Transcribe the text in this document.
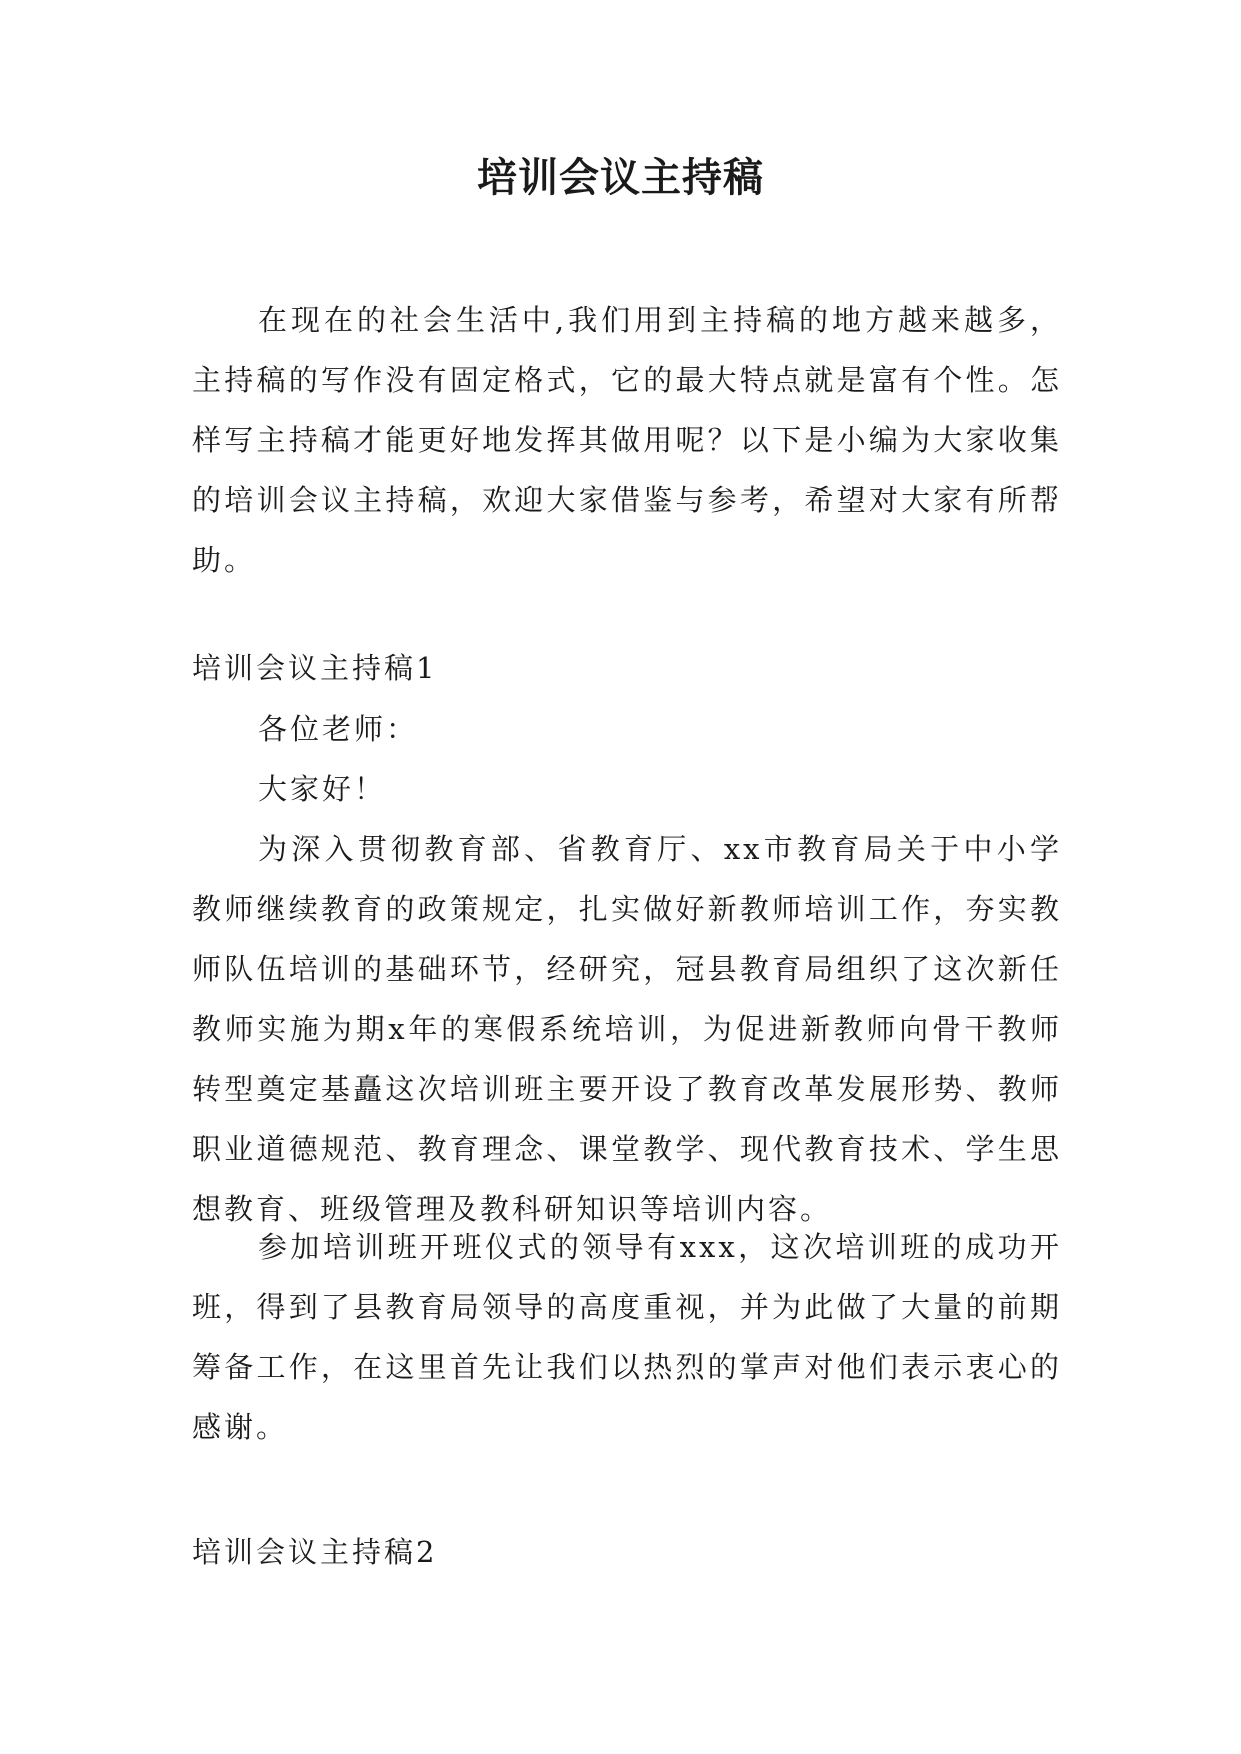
培训会议主持稿

在现在的社会生活中,我们用到主持稿的地方越来越多，主持稿的写作没有固定格式，它的最大特点就是富有个性。怎样写主持稿才能更好地发挥其做用呢？以下是小编为大家收集的培训会议主持稿，欢迎大家借鉴与参考，希望对大家有所帮助。

培训会议主持稿1

各位老师：

大家好！

为深入贯彻教育部、省教育厅、xx市教育局关于中小学教师继续教育的政策规定，扎实做好新教师培训工作，夯实教师队伍培训的基础环节，经研究，冠县教育局组织了这次新任教师实施为期x年的寒假系统培训，为促进新教师向骨干教师转型奠定基矗这次培训班主要开设了教育改革发展形势、教师职业道德规范、教育理念、课堂教学、现代教育技术、学生思想教育、班级管理及教科研知识等培训内容。

参加培训班开班仪式的领导有xxx，这次培训班的成功开班，得到了县教育局领导的高度重视，并为此做了大量的前期筹备工作，在这里首先让我们以热烈的掌声对他们表示衷心的感谢。

培训会议主持稿2
